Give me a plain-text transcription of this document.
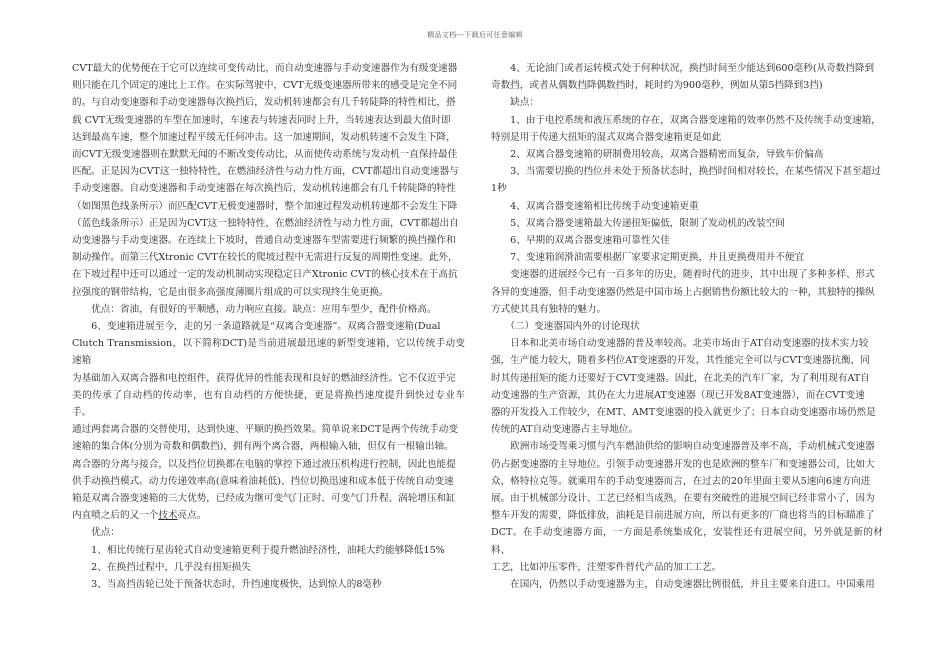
精品文档---下载后可任意编辑

CVT最大的优势便在于它可以连续可变传动比，而自动变速器与手动变速器作为有级变速器

则只能在几个固定的速比上工作。在实际驾驶中，CVT无级变速器所带来的感受是完全不同

的。与自动变速器和手动变速器每次换挡后，发动机转速都会有几千转陡降的特性相比，搭

载 CVT无级变速器的车型在加速时，车速表与转速表同时上升，当转速表达到最大值时即

达到最高车速，整个加速过程平缓无任何冲击。这一加速期间，发动机转速不会发生下降，

而CVT无级变速器则在默默无闻的不断改变传动比，从而使传动系统与发动机一直保持最佳

匹配。正是因为CVT这一独特特性，在燃油经济性与动力性方面，CVT都超出自动变速器与

手动变速器。自动变速器和手动变速器在每次换挡后，发动机转速都会有几千转陡降的特性

（如图黑色线条所示）而匹配CVT无极变速器时，整个加速过程发动机转速都不会发生下降

（蓝色线条所示）正是因为CVT这一独特特性，在燃油经济性与动力性方面，CVT都超出自

动变速器与手动变速器。在连续上下坡时，普通自动变速器车型需要进行频繁的换挡操作和

制动操作。而第三代Xtronic CVT在较长的爬坡过程中无需进行反复的周期性变速。此外，

在下坡过程中还可以通过一定的发动机制动实现稳定日产Xtronic CVT的核心技术在于高抗

拉强度的钢带结构，它是由很多高强度薄圈片组成的可以实现终生免更换。

　　优点：省油，有很好的平顺感，动力响应直接。缺点：应用车型少，配件价格高。

　　6、变速箱进展至今，走的另一条道路就是“双离合变速器”。双离合器变速箱(Dual

Clutch Transmission，以下简称DCT)是当前进展最迅速的新型变速箱，它以传统手动变速箱

为基础加入双离合器和电控组件，获得优异的性能表现和良好的燃油经济性。它不仅近乎完

美的传承了自动档的传动率，也有自动档的方便快捷，更是将换挡速度提升到快过专业车手。

通过两套离合器的交替使用，达到快速、平顺的换挡效果。简单说来DCT是两个传统手动变

速箱的集合体(分别为奇数和偶数挡)，拥有两个离合器，两根输入轴，但仅有一根输出轴。

离合器的分离与接合，以及挡位切换都在电脑的掌控下通过液压机构进行控制，因此也能提

供手动换挡模式。动力传递效率高(意味着油耗低)、挡位切换迅速和成本低于传统自动变速

箱是双离合器变速箱的三大优势，已经成为继可变气门正时、可变气门升程、涡轮增压和缸

内直喷之后的又一个技术亮点。

　　优点：

　　1、相比传统行星齿轮式自动变速箱更利于提升燃油经济性，油耗大约能够降低15%

　　2、在换挡过程中，几乎没有扭矩损失

　　3、当高挡齿轮已处于预备状态时，升挡速度极快，达到惊人的8毫秒

　　4、无论油门或者运转模式处于何种状况，换挡时间至少能达到600毫秒(从奇数挡降到

奇数挡，或者从偶数挡降偶数挡时，耗时约为900毫秒，例如从第5挡降到3挡)

　　缺点：

　　1、由于电控系统和液压系统的存在，双离合器变速箱的效率仍然不及传统手动变速箱，

特别是用于传递大扭矩的湿式双离合器变速箱更是如此

　　2、双离合器变速箱的研制费用较高，双离合器精密而复杂，导致车价偏高

　　3、当需要切换的挡位并未处于预备状态时，换挡时间相对较长，在某些情况下甚至超过

1秒

　　4、双离合器变速箱相比传统手动变速箱更重

　　5、双离合器变速箱最大传递扭矩偏低，限制了发动机的改装空间

　　6、早期的双离合器变速箱可靠性欠佳

　　7、变速箱润滑油需要根据厂家要求定期更换，并且更换费用并不便宜

　　变速器的进展经今已有一百多年的历史，随着时代的进步，其中出现了多种多样、形式

各异的变速器，但手动变速器仍然是中国市场上占据销售份额比较大的一种，其独特的操纵

方式使其具有独特的魅力。

　　（二）变速器国内外的讨论现状

　　日本和北美市场自动变速器的普及率较高。北美市场由于AT自动变速器的技术实力较

强，生产能力较大，随着多档位AT变速器的开发，其性能完全可以与CVT变速器抗衡，同

时其传递扭矩的能力还要好于CVT变速器。因此，在北美的汽车厂家，为了利用现有AT自

动变速器的生产资源，其仍在大力进展AT变速器（现已开发8AT变速器），而在CVT变速

器的开发投入工作较少，在MT、AMT变速器的投入就更少了；日本自动变速器市场仍然是

传统的AT自动变速器占主导地位。

　　欧洲市场受驾乘习惯与汽车燃油供给的影响自动变速器普及率不高，手动机械式变速器

仍占据变速器的主导地位。引领手动变速器开发的也是欧洲的整车厂和变速器公司，比如大

众，格特拉克等。就乘用车的手动变速器而言，在过去的20年里面主要从5速向6速方向进

展。由于机械部分设计、工艺已经相当成熟，在要有突破性的进展空间已经非常小了，因为

整车开发的需要，降低排放，油耗是目前进展方向，所以有更多的厂商也将当的目标瞄准了

DCT。在手动变速器方面，一方面是系统集成化，安装性还有进展空间，另外就是新的材料、

工艺，比如冲压零件，注塑零件替代产品的加工工艺。

　　在国内，仍然以手动变速器为主，自动变速器比例很低，并且主要来自进口。中国乘用
